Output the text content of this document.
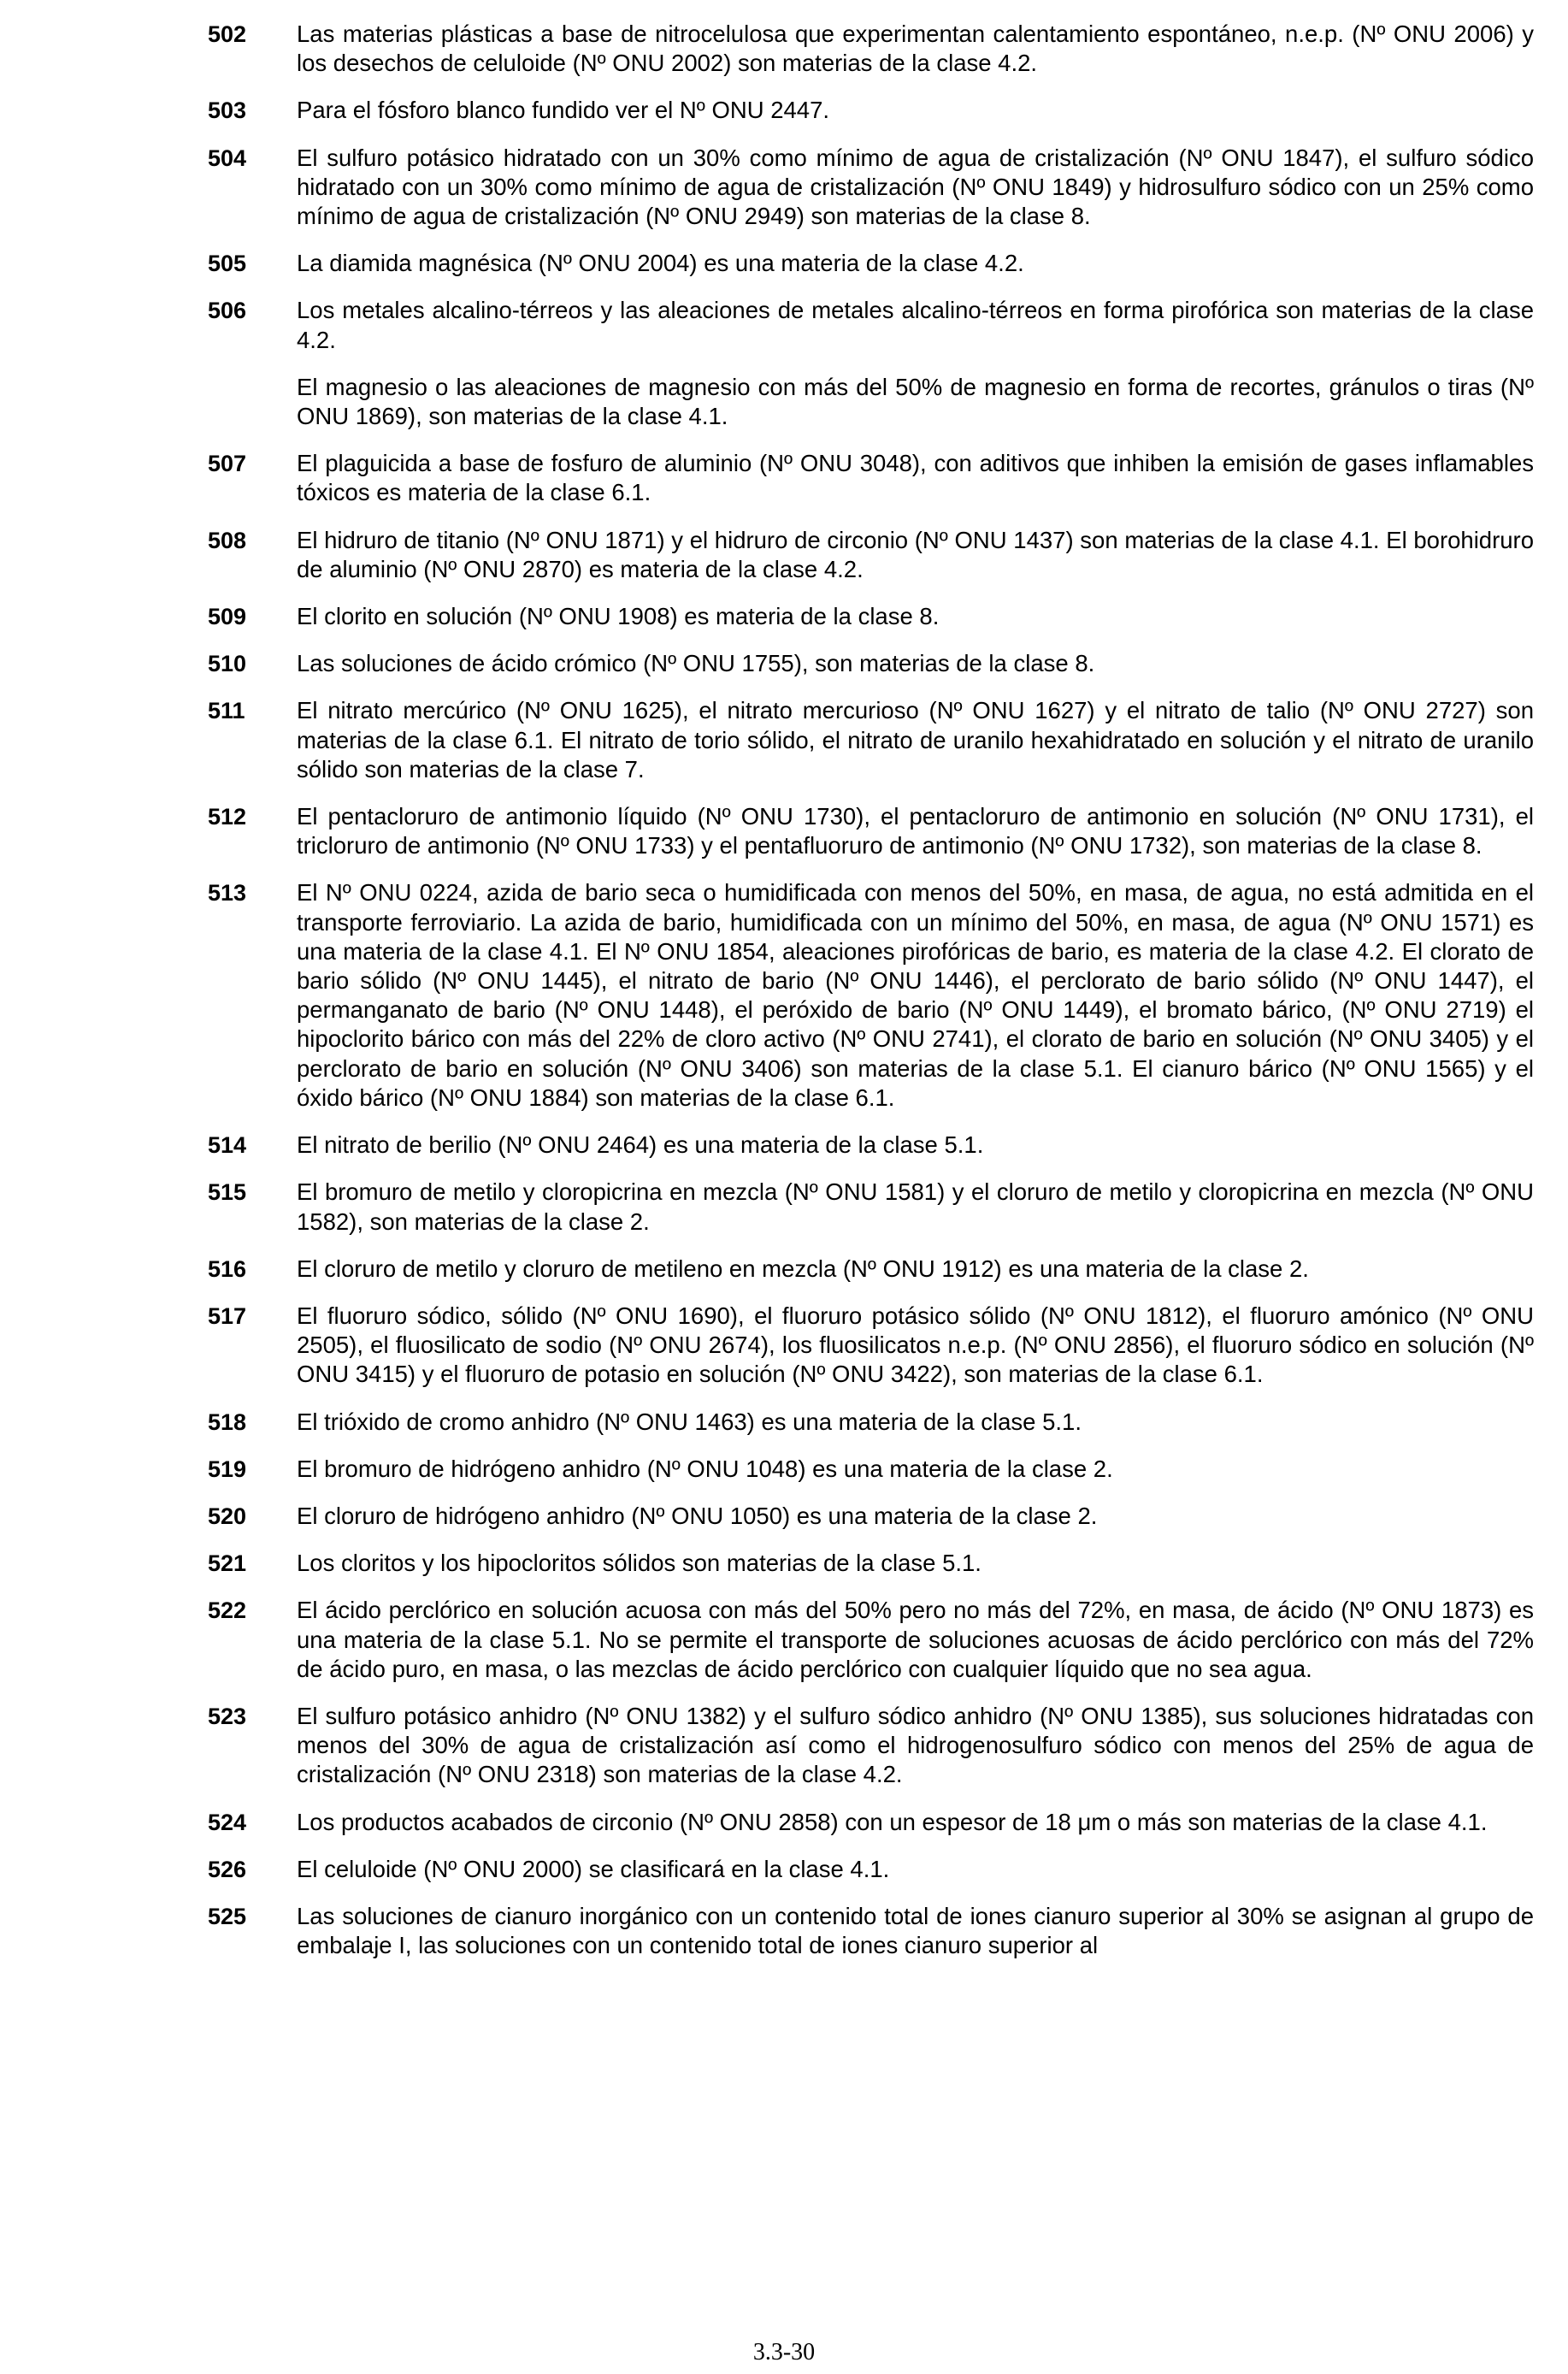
502	Las materias plásticas a base de nitrocelulosa que experimentan calentamiento espontáneo, n.e.p. (Nº ONU 2006) y los desechos de celuloide (Nº ONU 2002) son materias de la clase 4.2.

503	Para el fósforo blanco fundido ver el Nº ONU 2447.

504	El sulfuro potásico hidratado con un 30% como mínimo de agua de cristalización (Nº ONU 1847), el sulfuro sódico hidratado con un 30% como mínimo de agua de cristalización (Nº ONU 1849) y hidrosulfuro sódico con un 25% como mínimo de agua de cristalización (Nº ONU 2949) son materias de la clase 8.

505	La diamida magnésica (Nº ONU 2004) es una materia de la clase 4.2.

506	Los metales alcalino-térreos y las aleaciones de metales alcalino-térreos en forma pirofórica son materias de la clase 4.2.

El magnesio o las aleaciones de magnesio con más del 50% de magnesio en forma de recortes, gránulos o tiras (Nº ONU 1869), son materias de la clase 4.1.

507	El plaguicida a base de fosfuro de aluminio (Nº ONU 3048), con aditivos que inhiben la emisión de gases inflamables tóxicos es materia de la clase 6.1.

508	El hidruro de titanio (Nº ONU 1871) y el hidruro de circonio (Nº ONU 1437) son materias de la clase 4.1. El borohidruro de aluminio (Nº ONU 2870) es materia de la clase 4.2.

509	El clorito en solución (Nº ONU 1908) es materia de la clase 8.

510	Las soluciones de ácido crómico (Nº ONU 1755), son materias de la clase 8.

511	El nitrato mercúrico (Nº ONU 1625), el nitrato mercurioso (Nº ONU 1627) y el nitrato de talio (Nº ONU 2727) son materias de la clase 6.1. El nitrato de torio sólido, el nitrato de uranilo hexahidratado en solución y el nitrato de uranilo sólido son materias de la clase 7.

512	El pentacloruro de antimonio líquido (Nº ONU 1730), el pentacloruro de antimonio en solución (Nº ONU 1731), el tricloruro de antimonio (Nº ONU 1733) y el pentafluoruro de antimonio (Nº ONU 1732), son materias de la clase 8.

513	El Nº ONU 0224, azida de bario seca o humidificada con menos del 50%, en masa, de agua, no está admitida en el transporte ferroviario. La azida de bario, humidificada con un mínimo del 50%, en masa, de agua (Nº ONU 1571) es una materia de la clase 4.1. El Nº ONU 1854, aleaciones pirofóricas de bario, es materia de la clase 4.2. El clorato de bario sólido (Nº ONU 1445), el nitrato de bario (Nº ONU 1446), el perclorato de bario sólido (Nº ONU 1447), el permanganato de bario (Nº ONU 1448), el peróxido de bario (Nº ONU 1449), el bromato bárico, (Nº ONU 2719) el hipoclorito bárico con más del 22% de cloro activo (Nº ONU 2741), el clorato de bario en solución (Nº ONU 3405) y el perclorato de bario en solución (Nº ONU 3406) son materias de la clase 5.1. El cianuro bárico (Nº ONU 1565) y el óxido bárico (Nº ONU 1884) son materias de la clase 6.1.

514	El nitrato de berilio (Nº ONU 2464) es una materia de la clase 5.1.

515	El bromuro de metilo y cloropicrina en mezcla (Nº ONU 1581) y el cloruro de metilo y cloropicrina en mezcla (Nº ONU 1582), son materias de la clase 2.

516	El cloruro de metilo y cloruro de metileno en mezcla (Nº ONU 1912) es una materia de la clase 2.

517	El fluoruro sódico, sólido (Nº ONU 1690), el fluoruro potásico sólido (Nº ONU 1812), el fluoruro amónico (Nº ONU 2505), el fluosilicato de sodio (Nº ONU 2674), los fluosilicatos n.e.p. (Nº ONU 2856), el fluoruro sódico en solución (Nº ONU 3415) y el fluoruro de potasio en solución (Nº ONU 3422), son materias de la clase 6.1.

518	El trióxido de cromo anhidro (Nº ONU 1463) es una materia de la clase 5.1.

519	El bromuro de hidrógeno anhidro (Nº ONU 1048) es una materia de la clase 2.

520	El cloruro de hidrógeno anhidro (Nº ONU 1050) es una materia de la clase 2.

521	Los cloritos y los hipocloritos sólidos son materias de la clase 5.1.

522	El ácido perclórico en solución acuosa con más del 50% pero no más del 72%, en masa, de ácido (Nº ONU 1873) es una materia de la clase 5.1. No se permite el transporte de soluciones acuosas de ácido perclórico con más del 72% de ácido puro, en masa, o las mezclas de ácido perclórico con cualquier líquido que no sea agua.

523	El sulfuro potásico anhidro (Nº ONU 1382) y el sulfuro sódico anhidro (Nº ONU 1385), sus soluciones hidratadas con menos del 30% de agua de cristalización así como el hidrogenosulfuro sódico con menos del 25% de agua de cristalización (Nº ONU 2318) son materias de la clase 4.2.

524	Los productos acabados de circonio (Nº ONU 2858) con un espesor de 18 μm o más son materias de la clase 4.1.

526	El celuloide (Nº ONU 2000) se clasificará en la clase 4.1.

525	Las soluciones de cianuro inorgánico con un contenido total de iones cianuro superior al 30% se asignan al grupo de embalaje I, las soluciones con un contenido total de iones cianuro superior al

3.3-30
